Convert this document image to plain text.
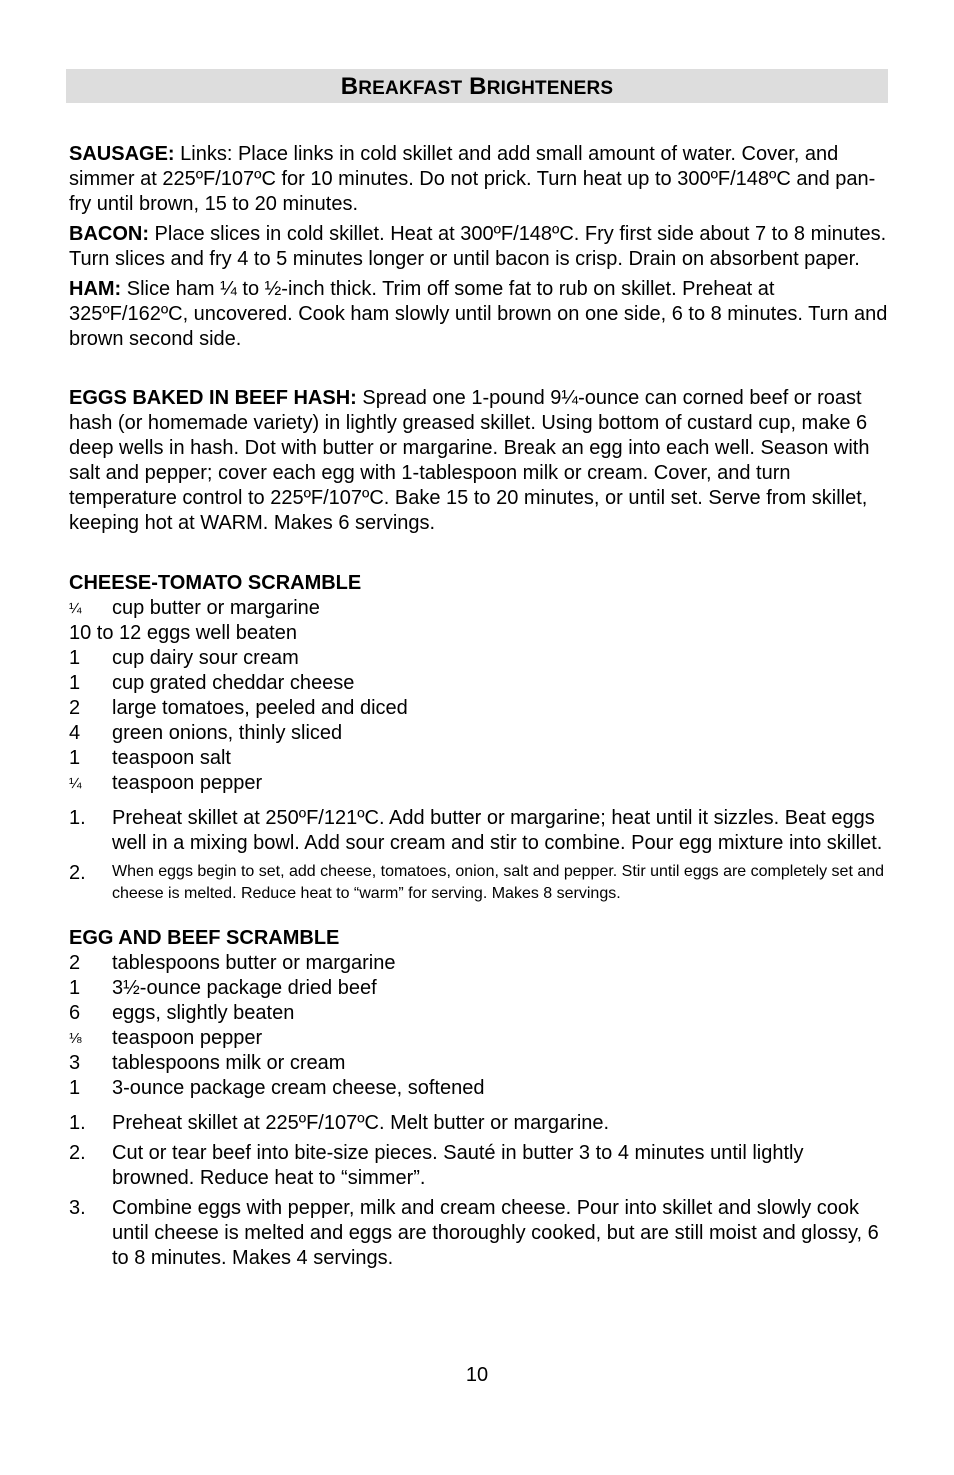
BREAKFAST BRIGHTENERS

SAUSAGE: Links: Place links in cold skillet and add small amount of water. Cover, and simmer at 225ºF/107ºC for 10 minutes. Do not prick. Turn heat up to 300ºF/148ºC and pan-fry until brown, 15 to 20 minutes.

BACON: Place slices in cold skillet. Heat at 300ºF/148ºC. Fry first side about 7 to 8 minutes. Turn slices and fry 4 to 5 minutes longer or until bacon is crisp. Drain on absorbent paper.

HAM: Slice ham ¼ to ½-inch thick. Trim off some fat to rub on skillet. Preheat at 325ºF/162ºC, uncovered. Cook ham slowly until brown on one side, 6 to 8 minutes. Turn and brown second side.

EGGS BAKED IN BEEF HASH: Spread one 1-pound 9¼-ounce can corned beef or roast hash (or homemade variety) in lightly greased skillet. Using bottom of custard cup, make 6 deep wells in hash. Dot with butter or margarine. Break an egg into each well. Season with salt and pepper; cover each egg with 1-tablespoon milk or cream. Cover, and turn temperature control to 225ºF/107ºC. Bake 15 to 20 minutes, or until set. Serve from skillet, keeping hot at WARM. Makes 6 servings.

CHEESE-TOMATO SCRAMBLE

¼	cup butter or margarine
10 to 12 eggs well beaten
1	cup dairy sour cream
1	cup grated cheddar cheese
2	large tomatoes, peeled and diced
4	green onions, thinly sliced
1	teaspoon salt
¼	teaspoon pepper
1.	Preheat skillet at 250ºF/121ºC. Add butter or margarine; heat until it sizzles. Beat eggs well in a mixing bowl. Add sour cream and stir to combine. Pour egg mixture into skillet.
2.	When eggs begin to set, add cheese, tomatoes, onion, salt and pepper. Stir until eggs are completely set and cheese is melted. Reduce heat to “warm” for serving. Makes 8 servings.

EGG AND BEEF SCRAMBLE

2	tablespoons butter or margarine
1	3½-ounce package dried beef
6	eggs, slightly beaten
⅛	teaspoon pepper
3	tablespoons milk or cream
1	3-ounce package cream cheese, softened
1.	Preheat skillet at 225ºF/107ºC. Melt butter or margarine.
2.	Cut or tear beef into bite-size pieces. Sauté in butter 3 to 4 minutes until lightly browned. Reduce heat to “simmer”.
3.	Combine eggs with pepper, milk and cream cheese. Pour into skillet and slowly cook until cheese is melted and eggs are thoroughly cooked, but are still moist and glossy, 6 to 8 minutes. Makes 4 servings.
10
